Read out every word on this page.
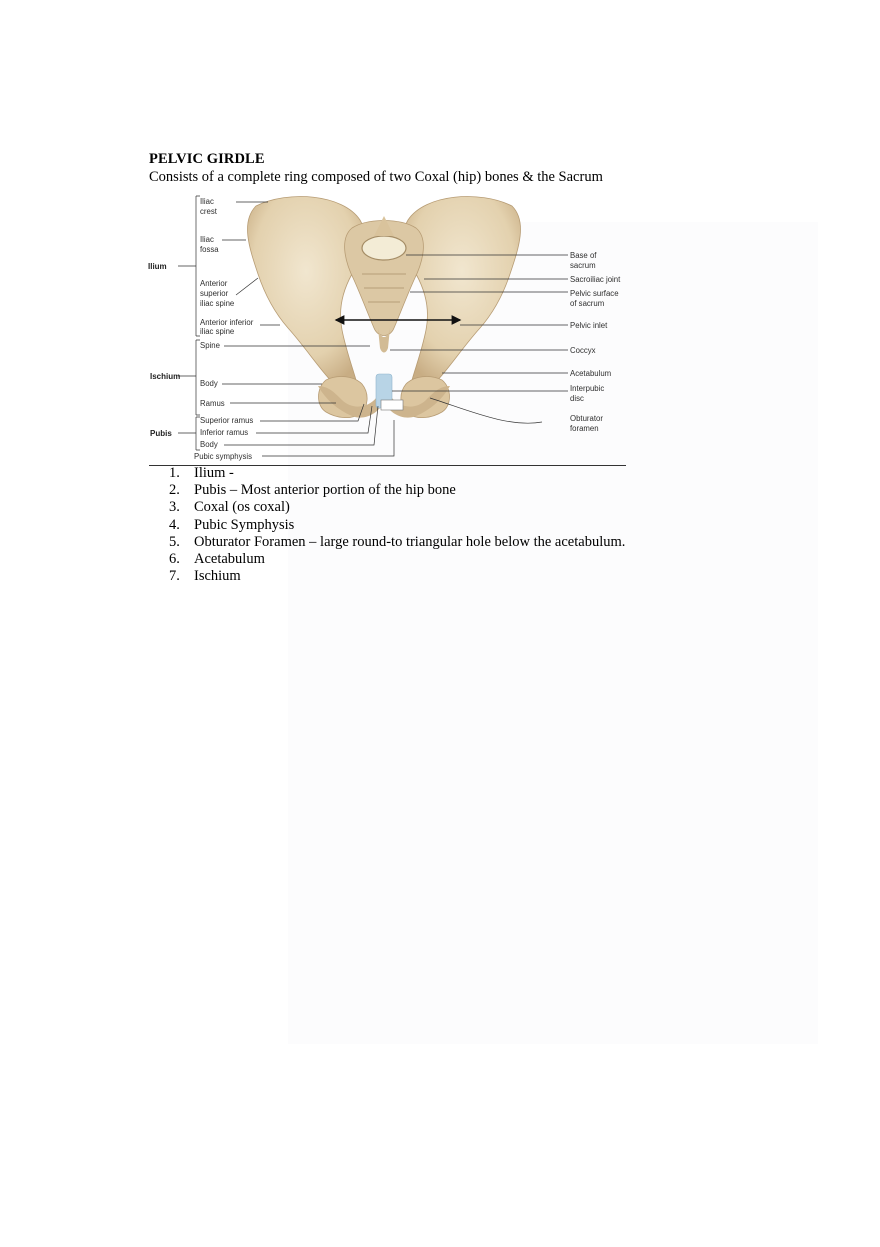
PELVIC GIRDLE
Consists of a complete ring composed of two Coxal (hip) bones & the Sacrum
Ilium
Ischium
Pubis
Iliac
crest
Iliac
fossa
Anterior
superior
iliac spine
Anterior inferior
iliac spine
Spine
Body
Ramus
Superior ramus
Inferior ramus
Body
Pubic symphysis
Base of
sacrum
Sacroiliac joint
Pelvic surface
of sacrum
Pelvic inlet
Coccyx
Acetabulum
Interpubic
disc
Obturator
foramen
1. Ilium -
2. Pubis – Most anterior portion of the hip bone
3. Coxal (os coxal)
4. Pubic Symphysis
5. Obturator Foramen – large round-to triangular hole below the acetabulum.
6. Acetabulum
7. Ischium
